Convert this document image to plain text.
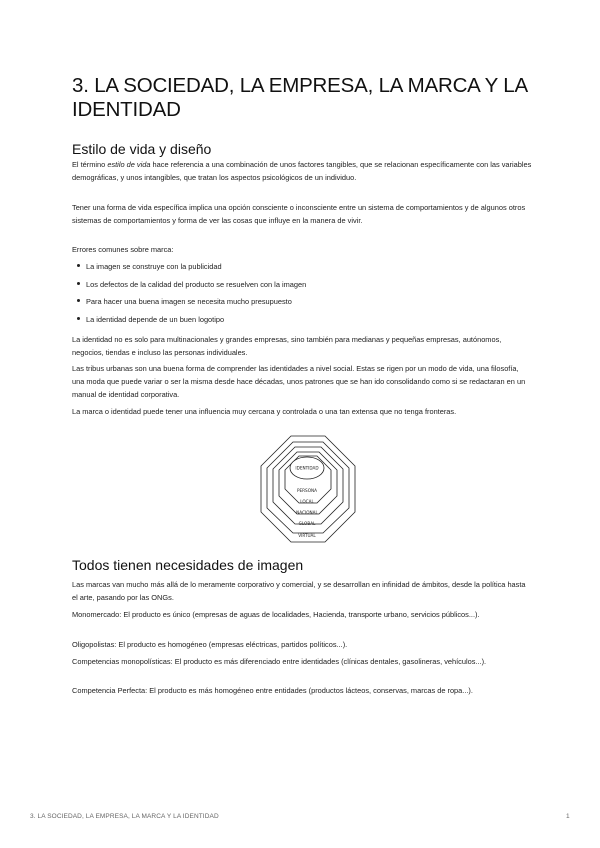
3. LA SOCIEDAD, LA EMPRESA, LA MARCA Y LA IDENTIDAD
Estilo de vida y diseño

El término estilo de vida hace referencia a una combinación de unos factores tangibles, que se relacionan específicamente con las variables demográficas, y unos intangibles, que tratan los aspectos psicológicos de un individuo.

Tener una forma de vida específica implica una opción consciente o inconsciente entre un sistema de comportamientos y de algunos otros sistemas de comportamientos y forma de ver las cosas que influye en la manera de vivir.

Errores comunes sobre marca:

La imagen se construye con la publicidad
Los defectos de la calidad del producto se resuelven con la imagen
Para hacer una buena imagen se necesita mucho presupuesto
La identidad depende de un buen logotipo

La identidad no es solo para multinacionales y grandes empresas, sino también para medianas y pequeñas empresas, autónomos, negocios, tiendas e incluso las personas individuales.

Las tribus urbanas son una buena forma de comprender las identidades a nivel social. Estas se rigen por un modo de vida, una filosofía, una moda que puede variar o ser la misma desde hace décadas, unos patrones que se han ido consolidando como si se redactaran en un manual de identidad corporativa.

La marca o identidad puede tener una influencia muy cercana y controlada o una tan extensa que no tenga fronteras.

IDENTIDAD
PERSONA
LOCAL
NACIONAL
GLOBAL
VIRTUAL
Todos tienen necesidades de imagen

Las marcas van mucho más allá de lo meramente corporativo y comercial, y se desarrollan en infinidad de ámbitos, desde la política hasta el arte, pasando por las ONGs.

Monomercado: El producto es único (empresas de aguas de localidades, Hacienda, transporte urbano, servicios públicos...).

Oligopolistas: El producto es homogéneo (empresas eléctricas, partidos políticos...).

Competencias monopolísticas: El producto es más diferenciado entre identidades (clínicas dentales, gasolineras, vehículos...).

Competencia Perfecta: El producto es más homogéneo entre entidades (productos lácteos, conservas, marcas de ropa...).

3. LA SOCIEDAD, LA EMPRESA, LA MARCA Y LA IDENTIDAD	1
